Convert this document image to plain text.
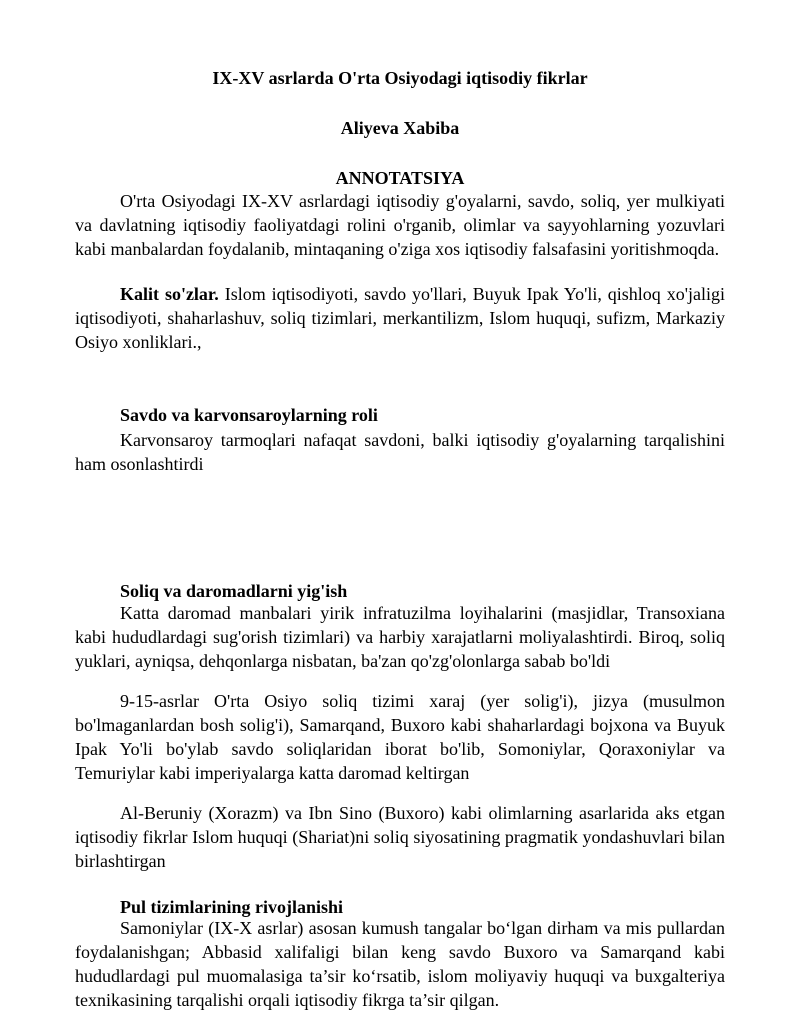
IX-XV asrlarda O'rta Osiyodagi iqtisodiy fikrlar

Aliyeva Xabiba

ANNOTATSIYA

O'rta Osiyodagi IX-XV asrlardagi iqtisodiy g'oyalarni, savdo, soliq, yer mulkiyati va davlatning iqtisodiy faoliyatdagi rolini o'rganib, olimlar va sayyohlarning yozuvlari kabi manbalardan foydalanib, mintaqaning o'ziga xos iqtisodiy falsafasini yoritishmoqda.

Kalit so'zlar. Islom iqtisodiyoti, savdo yo'llari, Buyuk Ipak Yo'li, qishloq xo'jaligi iqtisodiyoti, shaharlashuv, soliq tizimlari, merkantilizm, Islom huquqi, sufizm, Markaziy Osiyo xonliklari.,

Savdo va karvonsaroylarning roli

Karvonsaroy tarmoqlari nafaqat savdoni, balki iqtisodiy g'oyalarning tarqalishini ham osonlashtirdi

Soliq va daromadlarni yig'ish

Katta daromad manbalari yirik infratuzilma loyihalarini (masjidlar, Transoxiana kabi hududlardagi sug'orish tizimlari) va harbiy xarajatlarni moliyalashtirdi. Biroq, soliq yuklari, ayniqsa, dehqonlarga nisbatan, ba'zan qo'zg'olonlarga sabab bo'ldi

9-15-asrlar O'rta Osiyo soliq tizimi xaraj (yer solig'i), jizya (musulmon bo'lmaganlardan bosh solig'i), Samarqand, Buxoro kabi shaharlardagi bojxona va Buyuk Ipak Yo'li bo'ylab savdo soliqlaridan iborat bo'lib, Somoniylar, Qoraxoniylar va Temuriylar kabi imperiyalarga katta daromad keltirgan

Al-Beruniy (Xorazm) va Ibn Sino (Buxoro) kabi olimlarning asarlarida aks etgan iqtisodiy fikrlar Islom huquqi (Shariat)ni soliq siyosatining pragmatik yondashuvlari bilan birlashtirgan

Pul tizimlarining rivojlanishi

Samoniylar (IX-X asrlar) asosan kumush tangalar bo‘lgan dirham va mis pullardan foydalanishgan; Abbasid xalifaligi bilan keng savdo Buxoro va Samarqand kabi hududlardagi pul muomalasiga ta’sir ko‘rsatib, islom moliyaviy huquqi va buxgalteriya texnikasining tarqalishi orqali iqtisodiy fikrga ta’sir qilgan.
